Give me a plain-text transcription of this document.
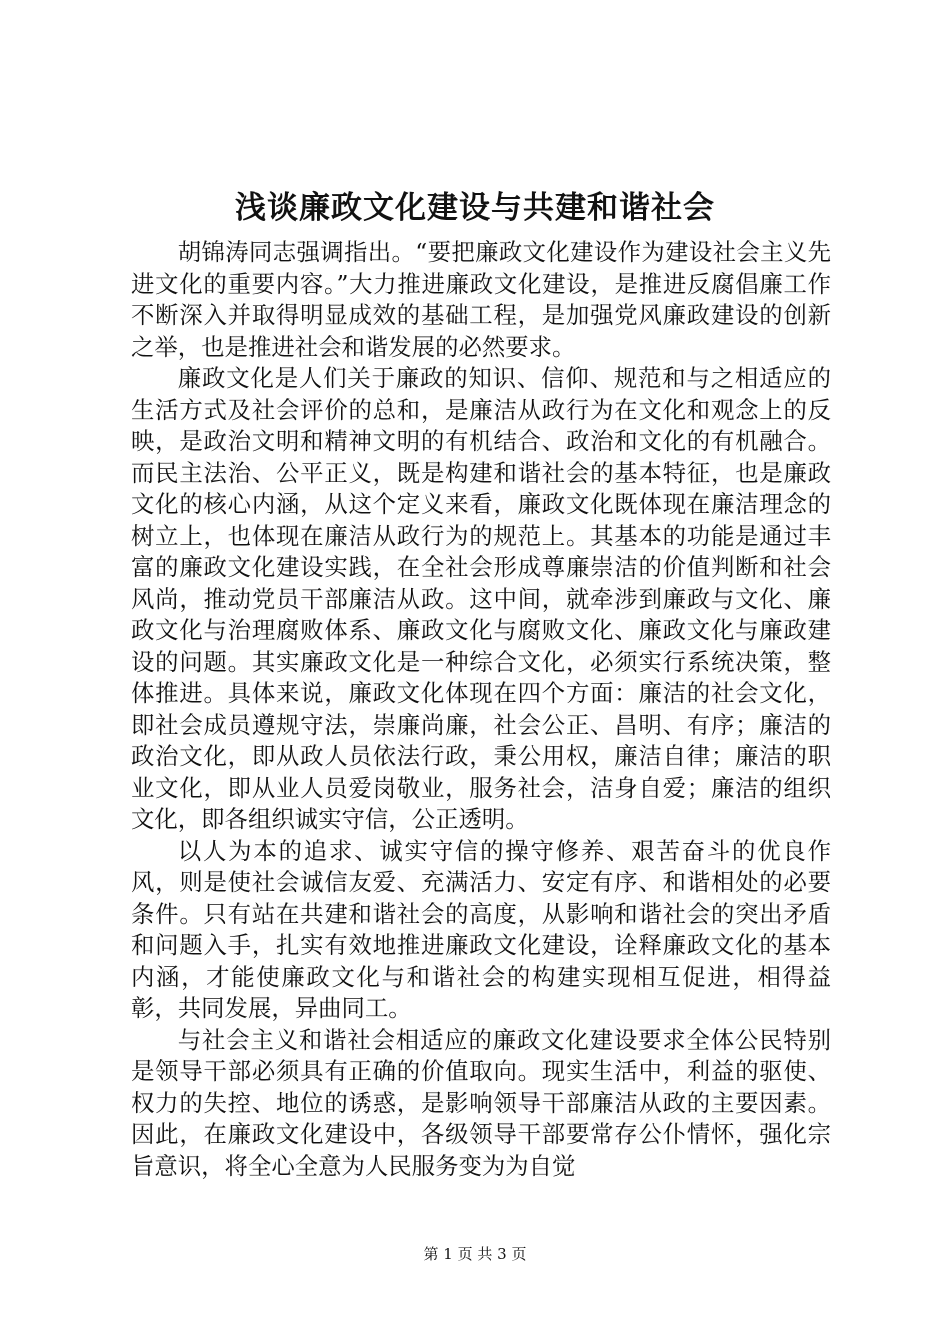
浅谈廉政文化建设与共建和谐社会

胡锦涛同志强调指出。“要把廉政文化建设作为建设社会主义先进文化的重要内容。”大力推进廉政文化建设，是推进反腐倡廉工作不断深入并取得明显成效的基础工程，是加强党风廉政建设的创新之举，也是推进社会和谐发展的必然要求。

廉政文化是人们关于廉政的知识、信仰、规范和与之相适应的生活方式及社会评价的总和，是廉洁从政行为在文化和观念上的反映，是政治文明和精神文明的有机结合、政治和文化的有机融合。而民主法治、公平正义，既是构建和谐社会的基本特征，也是廉政文化的核心内涵，从这个定义来看，廉政文化既体现在廉洁理念的树立上，也体现在廉洁从政行为的规范上。其基本的功能是通过丰富的廉政文化建设实践，在全社会形成尊廉崇洁的价值判断和社会风尚，推动党员干部廉洁从政。这中间，就牵涉到廉政与文化、廉政文化与治理腐败体系、廉政文化与腐败文化、廉政文化与廉政建设的问题。其实廉政文化是一种综合文化，必须实行系统决策，整体推进。具体来说，廉政文化体现在四个方面：廉洁的社会文化，即社会成员遵规守法，崇廉尚廉，社会公正、昌明、有序；廉洁的政治文化，即从政人员依法行政，秉公用权，廉洁自律；廉洁的职业文化，即从业人员爱岗敬业，服务社会，洁身自爱；廉洁的组织文化，即各组织诚实守信，公正透明。

以人为本的追求、诚实守信的操守修养、艰苦奋斗的优良作风，则是使社会诚信友爱、充满活力、安定有序、和谐相处的必要条件。只有站在共建和谐社会的高度，从影响和谐社会的突出矛盾和问题入手，扎实有效地推进廉政文化建设，诠释廉政文化的基本内涵，才能使廉政文化与和谐社会的构建实现相互促进，相得益彰，共同发展，异曲同工。

与社会主义和谐社会相适应的廉政文化建设要求全体公民特别是领导干部必须具有正确的价值取向。现实生活中，利益的驱使、权力的失控、地位的诱惑，是影响领导干部廉洁从政的主要因素。因此，在廉政文化建设中，各级领导干部要常存公仆情怀，强化宗旨意识，将全心全意为人民服务变为为自觉

第 1 页 共 3 页
